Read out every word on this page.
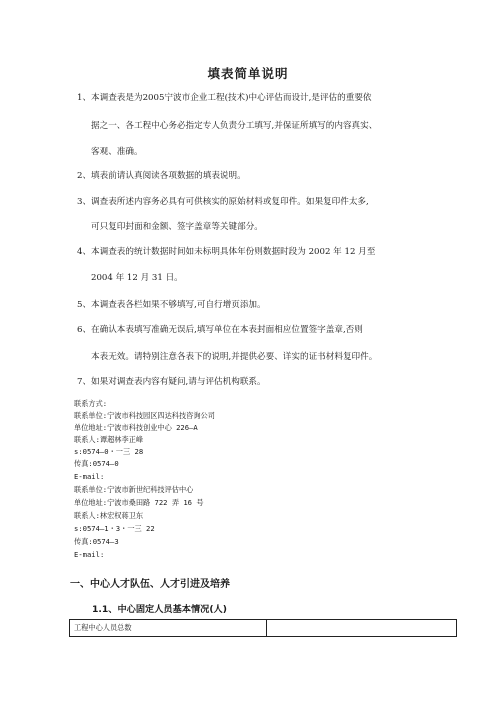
填表简单说明
1、本调查表是为2005宁波市企业工程(技术)中心评估而设计,是评估的重要依
据之一、各工程中心务必指定专人负责分工填写,并保证所填写的内容真实、
客观、准确。
2、填表前请认真阅读各项数据的填表说明。
3、调查表所述内容务必具有可供核实的原始材料或复印件。如果复印件太多,
可只复印封面和金额、签字盖章等关键部分。
4、本调查表的统计数据时间如未标明具体年份则数据时段为 2002 年 12 月至
2004 年 12 月 31 日。
5、本调查表各栏如果不够填写,可自行增页添加。
6、在确认本表填写准确无误后,填写单位在本表封面相应位置签字盖章,否则
本表无效。请特别注意各表下的说明,并提供必要、详实的证书材料复印件。
7、如果对调查表内容有疑问,请与评估机构联系。
联系方式:
联系单位:宁波市科技园区四达科技咨询公司
单位地址:宁波市科技创业中心 226—A
联系人:谭超林李正峰
s:0574—0・一三 28
传真:0574—0
E-mail:
联系单位:宁波市新世纪科技评估中心
单位地址:宁波市桑田路 722 弄 16 号
联系人:林宏权蒋卫东
s:0574—1・3・一三 22
传真:0574—3
E-mail:
一、中心人才队伍、人才引进及培养
1.1、中心固定人员基本情况(人)
工程中心人员总数	
